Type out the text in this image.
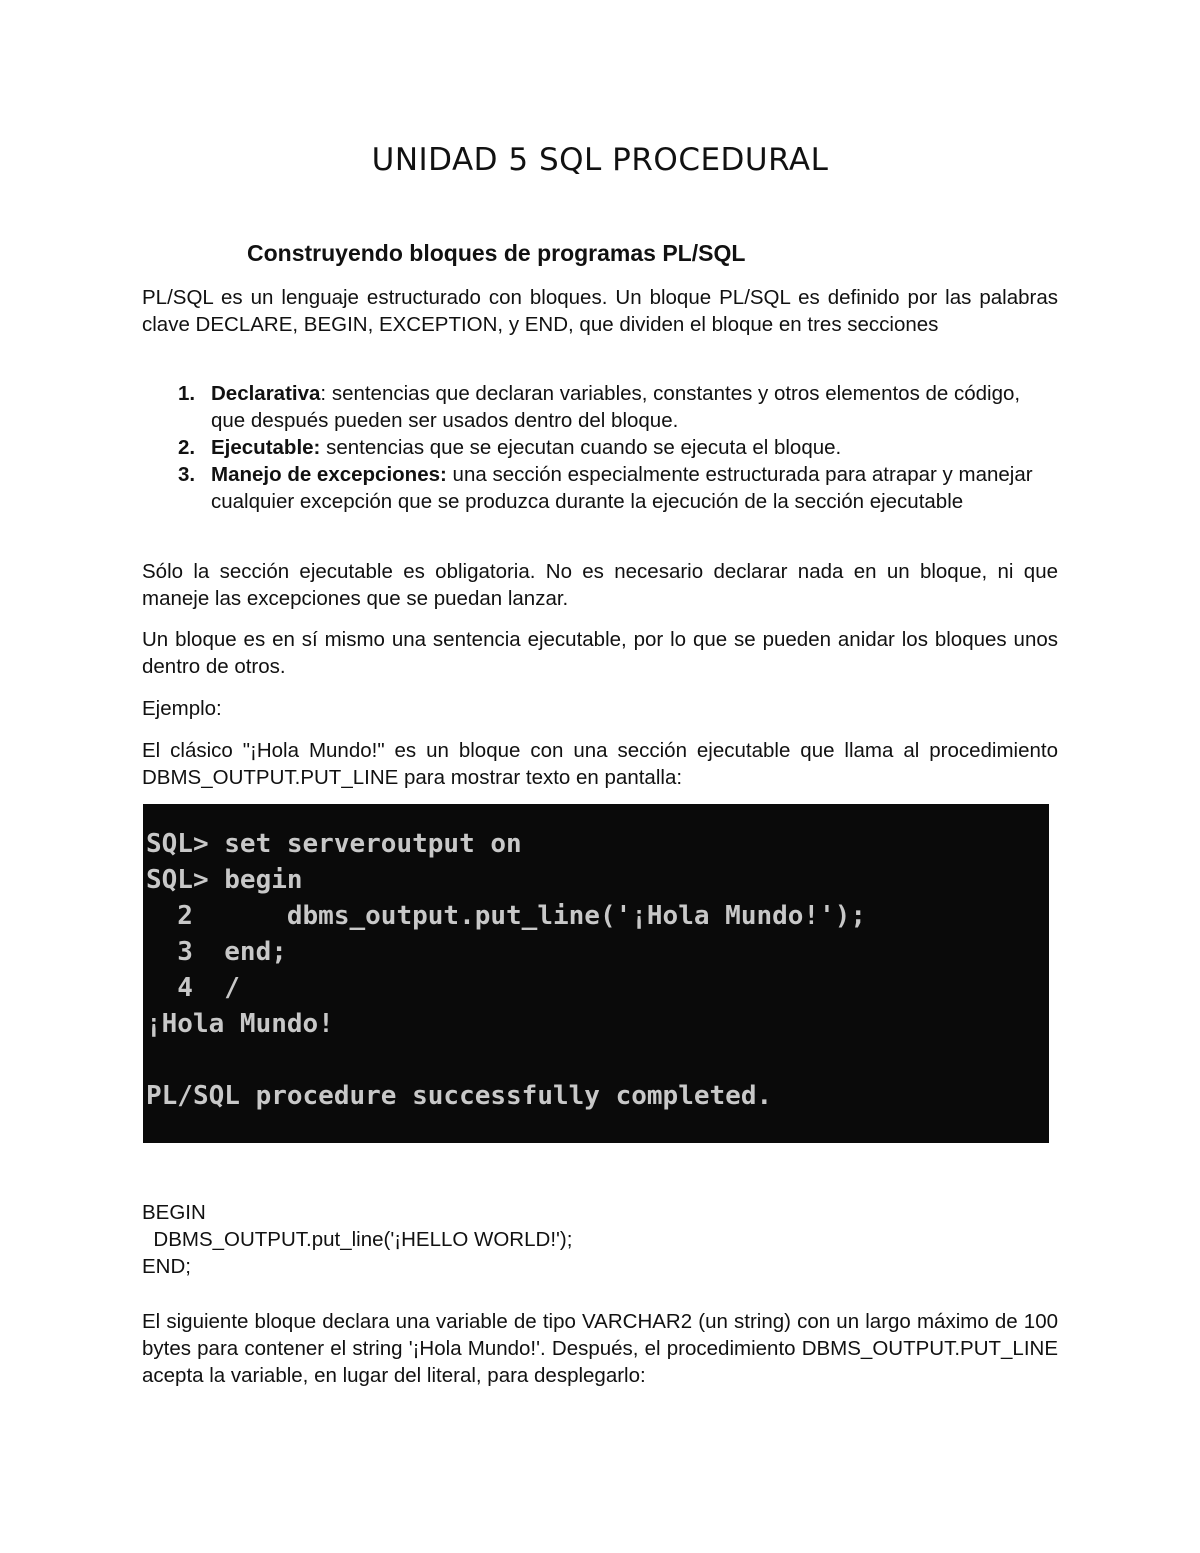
UNIDAD 5 SQL PROCEDURAL
Construyendo bloques de programas PL/SQL

PL/SQL es un lenguaje estructurado con bloques. Un bloque PL/SQL es definido por las palabras clave DECLARE, BEGIN, EXCEPTION, y END, que dividen el bloque en tres secciones

1. Declarativa: sentencias que declaran variables, constantes y otros elementos de código, que después pueden ser usados dentro del bloque.
2. Ejecutable: sentencias que se ejecutan cuando se ejecuta el bloque.
3. Manejo de excepciones: una sección especialmente estructurada para atrapar y manejar cualquier excepción que se produzca durante la ejecución de la sección ejecutable

Sólo la sección ejecutable es obligatoria. No es necesario declarar nada en un bloque, ni que maneje las excepciones que se puedan lanzar.

Un bloque es en sí mismo una sentencia ejecutable, por lo que se pueden anidar los bloques unos dentro de otros.

Ejemplo:

El clásico "¡Hola Mundo!" es un bloque con una sección ejecutable que llama al procedimiento DBMS_OUTPUT.PUT_LINE para mostrar texto en pantalla:

SQL> set serveroutput on
SQL> begin
2      dbms_output.put_line('¡Hola Mundo!');
3  end;
4  /
¡Hola Mundo!
PL/SQL procedure successfully completed.
BEGIN
DBMS_OUTPUT.put_line('¡HELLO WORLD!');
END;

El siguiente bloque declara una variable de tipo VARCHAR2 (un string) con un largo máximo de 100 bytes para contener el string '¡Hola Mundo!'. Después, el procedimiento DBMS_OUTPUT.PUT_LINE acepta la variable, en lugar del literal, para desplegarlo:
